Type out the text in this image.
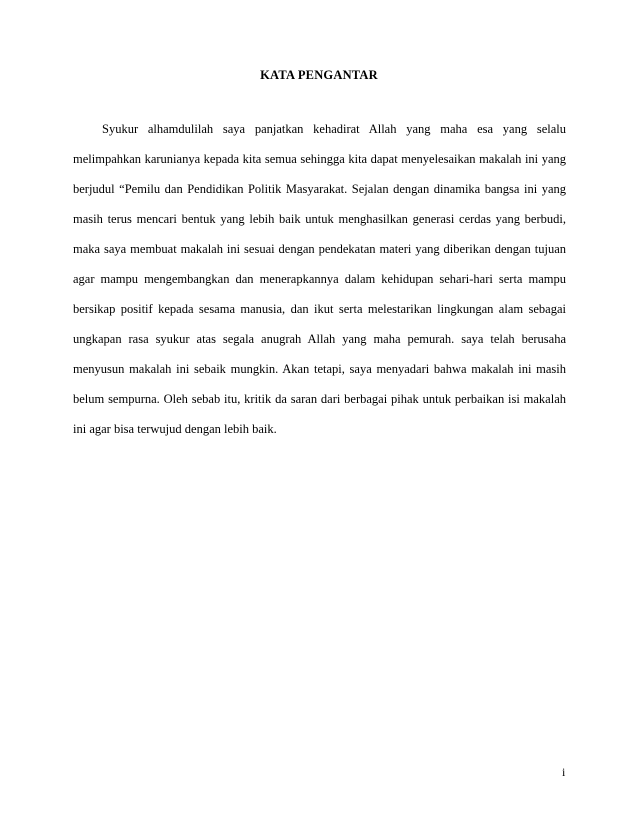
KATA PENGANTAR

Syukur alhamdulilah saya panjatkan kehadirat Allah yang maha esa yang selalu melimpahkan karunianya kepada kita semua sehingga kita dapat menyelesaikan makalah ini yang berjudul “Pemilu dan Pendidikan Politik Masyarakat. Sejalan dengan dinamika bangsa ini yang masih terus mencari bentuk yang lebih baik untuk menghasilkan generasi cerdas yang berbudi, maka saya membuat makalah ini sesuai dengan pendekatan materi yang diberikan dengan tujuan agar mampu mengembangkan dan menerapkannya dalam kehidupan sehari-hari serta mampu bersikap positif kepada sesama manusia, dan ikut serta melestarikan lingkungan alam sebagai ungkapan rasa syukur atas segala anugrah Allah yang maha pemurah. saya telah berusaha menyusun makalah ini sebaik mungkin. Akan tetapi, saya menyadari bahwa makalah ini masih belum sempurna. Oleh sebab itu, kritik da saran dari berbagai pihak untuk perbaikan isi makalah ini agar bisa terwujud dengan lebih baik.

i
